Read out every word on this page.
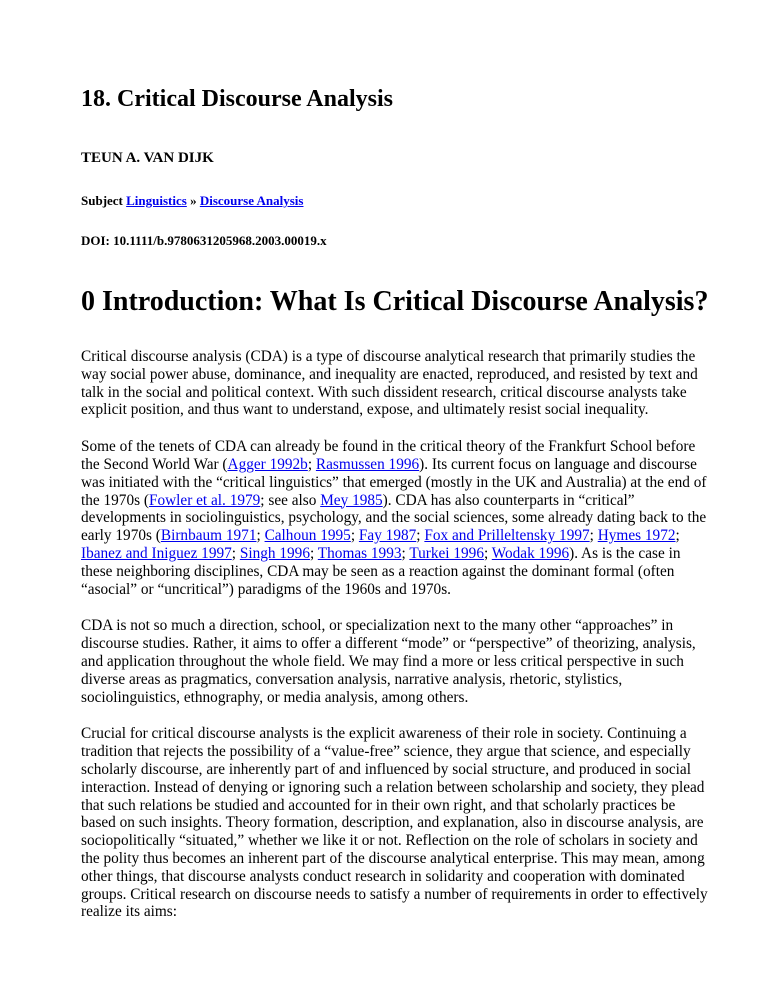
18. Critical Discourse Analysis

TEUN A. VAN DIJK

Subject Linguistics » Discourse Analysis

DOI: 10.1111/b.9780631205968.2003.00019.x

0 Introduction: What Is Critical Discourse Analysis?

Critical discourse analysis (CDA) is a type of discourse analytical research that primarily studies the way social power abuse, dominance, and inequality are enacted, reproduced, and resisted by text and talk in the social and political context. With such dissident research, critical discourse analysts take explicit position, and thus want to understand, expose, and ultimately resist social inequality.

Some of the tenets of CDA can already be found in the critical theory of the Frankfurt School before the Second World War (Agger 1992b; Rasmussen 1996). Its current focus on language and discourse was initiated with the “critical linguistics” that emerged (mostly in the UK and Australia) at the end of the 1970s (Fowler et al. 1979; see also Mey 1985). CDA has also counterparts in “critical” developments in sociolinguistics, psychology, and the social sciences, some already dating back to the early 1970s (Birnbaum 1971; Calhoun 1995; Fay 1987; Fox and Prilleltensky 1997; Hymes 1972; Ibanez and Iniguez 1997; Singh 1996; Thomas 1993; Turkei 1996; Wodak 1996). As is the case in these neighboring disciplines, CDA may be seen as a reaction against the dominant formal (often “asocial” or “uncritical”) paradigms of the 1960s and 1970s.

CDA is not so much a direction, school, or specialization next to the many other “approaches” in discourse studies. Rather, it aims to offer a different “mode” or “perspective” of theorizing, analysis, and application throughout the whole field. We may find a more or less critical perspective in such diverse areas as pragmatics, conversation analysis, narrative analysis, rhetoric, stylistics, sociolinguistics, ethnography, or media analysis, among others.

Crucial for critical discourse analysts is the explicit awareness of their role in society. Continuing a tradition that rejects the possibility of a “value-free” science, they argue that science, and especially scholarly discourse, are inherently part of and influenced by social structure, and produced in social interaction. Instead of denying or ignoring such a relation between scholarship and society, they plead that such relations be studied and accounted for in their own right, and that scholarly practices be based on such insights. Theory formation, description, and explanation, also in discourse analysis, are sociopolitically “situated,” whether we like it or not. Reflection on the role of scholars in society and the polity thus becomes an inherent part of the discourse analytical enterprise. This may mean, among other things, that discourse analysts conduct research in solidarity and cooperation with dominated groups. Critical research on discourse needs to satisfy a number of requirements in order to effectively realize its aims:
